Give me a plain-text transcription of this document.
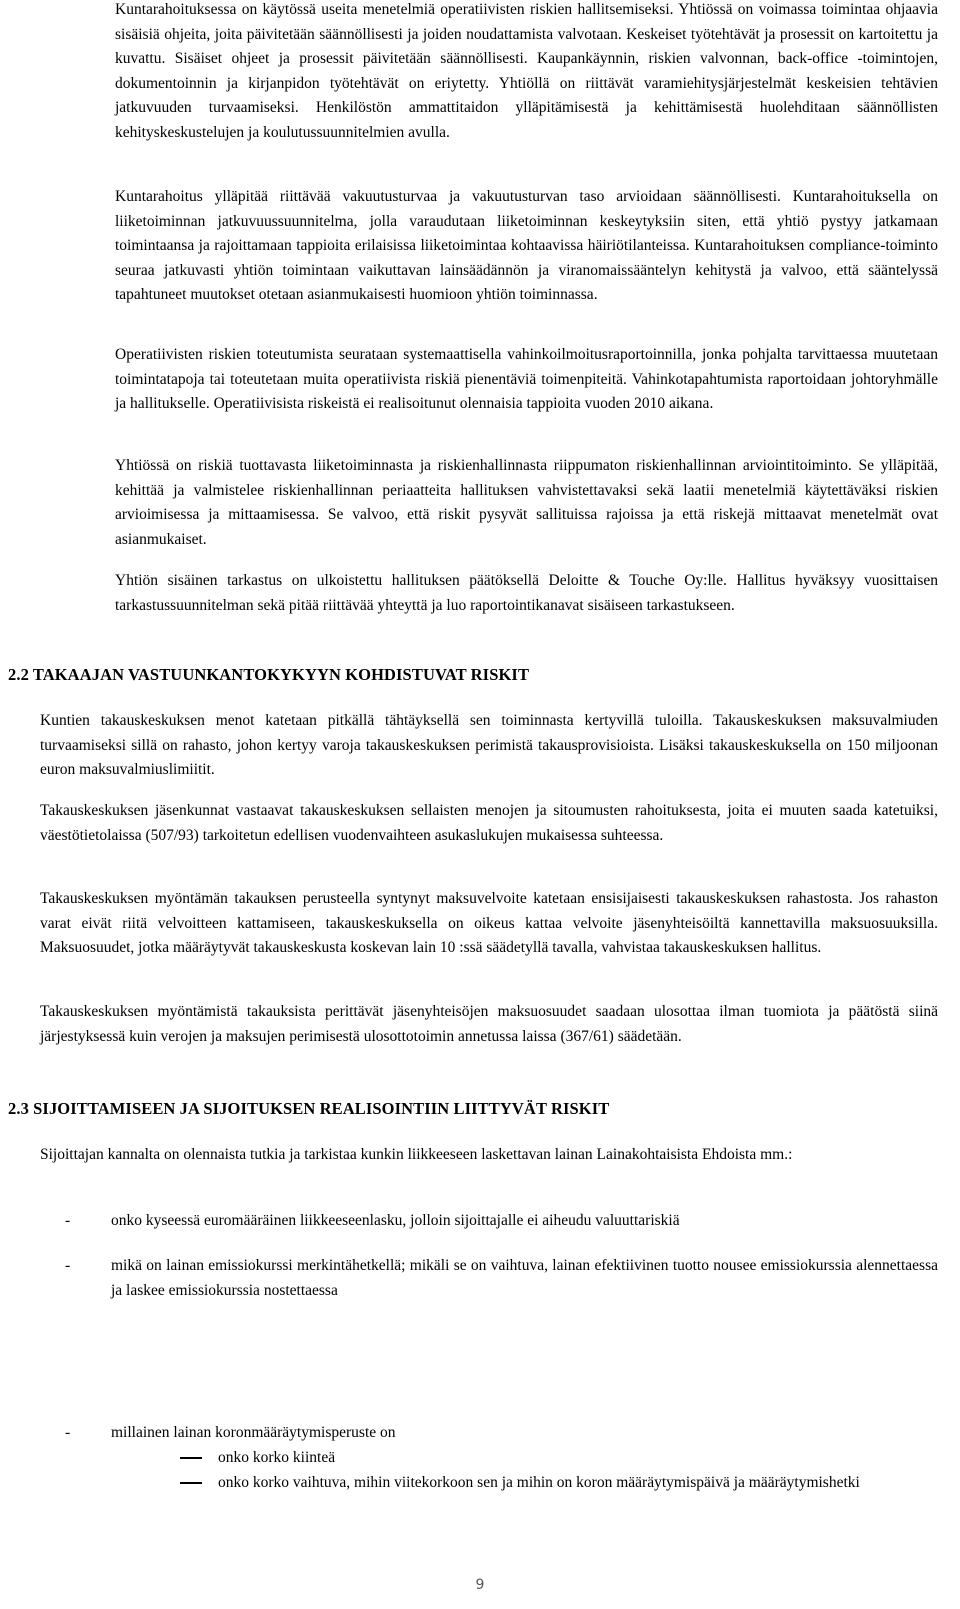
Kuntarahoituksessa on käytössä useita menetelmiä operatiivisten riskien hallitsemiseksi. Yhtiössä on voimassa toimintaa ohjaavia sisäisiä ohjeita, joita päivitetään säännöllisesti ja joiden noudattamista valvotaan. Keskeiset työtehtävät ja prosessit on kartoitettu ja kuvattu. Sisäiset ohjeet ja prosessit päivitetään säännöllisesti. Kaupankäynnin, riskien valvonnan, back-office -toimintojen, dokumentoinnin ja kirjanpidon työtehtävät on eriytetty. Yhtiöllä on riittävät varamiehitysjärjestelmät keskeisien tehtävien jatkuvuuden turvaamiseksi. Henkilöstön ammattitaidon ylläpitämisestä ja kehittämisestä huolehditaan säännöllisten kehityskeskustelujen ja koulutussuunnitelmien avulla.

Kuntarahoitus ylläpitää riittävää vakuutusturvaa ja vakuutusturvan taso arvioidaan säännöllisesti. Kuntarahoituksella on liiketoiminnan jatkuvuussuunnitelma, jolla varaudutaan liiketoiminnan keskeytyksiin siten, että yhtiö pystyy jatkamaan toimintaansa ja rajoittamaan tappioita erilaisissa liiketoimintaa kohtaavissa häiriötilanteissa. Kuntarahoituksen compliance-toiminto seuraa jatkuvasti yhtiön toimintaan vaikuttavan lainsäädännön ja viranomaissääntelyn kehitystä ja valvoo, että sääntelyssä tapahtuneet muutokset otetaan asianmukaisesti huomioon yhtiön toiminnassa.

Operatiivisten riskien toteutumista seurataan systemaattisella vahinkoilmoitusraportoinnilla, jonka pohjalta tarvittaessa muutetaan toimintatapoja tai toteutetaan muita operatiivista riskiä pienentäviä toimenpiteitä. Vahinkotapahtumista raportoidaan johtoryhmälle ja hallitukselle. Operatiivisista riskeistä ei realisoitunut olennaisia tappioita vuoden 2010 aikana.

Yhtiössä on riskiä tuottavasta liiketoiminnasta ja riskienhallinnasta riippumaton riskienhallinnan arviointitoiminto. Se ylläpitää, kehittää ja valmistelee riskienhallinnan periaatteita hallituksen vahvistettavaksi sekä laatii menetelmiä käytettäväksi riskien arvioimisessa ja mittaamisessa. Se valvoo, että riskit pysyvät sallituissa rajoissa ja että riskejä mittaavat menetelmät ovat asianmukaiset.

Yhtiön sisäinen tarkastus on ulkoistettu hallituksen päätöksellä Deloitte & Touche Oy:lle. Hallitus hyväksyy vuosittaisen tarkastussuunnitelman sekä pitää riittävää yhteyttä ja luo raportointikanavat sisäiseen tarkastukseen.

2.2 TAKAAJAN VASTUUNKANTOKYKYYN KOHDISTUVAT RISKIT

Kuntien takauskeskuksen menot katetaan pitkällä tähtäyksellä sen toiminnasta kertyvillä tuloilla. Takauskeskuksen maksuvalmiuden turvaamiseksi sillä on rahasto, johon kertyy varoja takauskeskuksen perimistä takausprovisioista. Lisäksi takauskeskuksella on 150 miljoonan euron maksuvalmiuslimiitit.

Takauskeskuksen jäsenkunnat vastaavat takauskeskuksen sellaisten menojen ja sitoumusten rahoituksesta, joita ei muuten saada katetuiksi, väestötietolaissa (507/93) tarkoitetun edellisen vuodenvaihteen asukaslukujen mukaisessa suhteessa.

Takauskeskuksen myöntämän takauksen perusteella syntynyt maksuvelvoite katetaan ensisijaisesti takauskeskuksen rahastosta. Jos rahaston varat eivät riitä velvoitteen kattamiseen, takauskeskuksella on oikeus kattaa velvoite jäsenyhteisöiltä kannettavilla maksuosuuksilla. Maksuosuudet, jotka määräytyvät takauskeskusta koskevan lain 10 :ssä säädetyllä tavalla, vahvistaa takauskeskuksen hallitus.

Takauskeskuksen myöntämistä takauksista perittävät jäsenyhteisöjen maksuosuudet saadaan ulosottaa ilman tuomiota ja päätöstä siinä järjestyksessä kuin verojen ja maksujen perimisestä ulosottotoimin annetussa laissa (367/61) säädetään.

2.3 SIJOITTAMISEEN JA SIJOITUKSEN REALISOINTIIN LIITTYVÄT RISKIT

Sijoittajan kannalta on olennaista tutkia ja tarkistaa kunkin liikkeeseen laskettavan lainan Lainakohtaisista Ehdoista mm.:

-	onko kyseessä euromääräinen liikkeeseenlasku, jolloin sijoittajalle ei aiheudu valuuttariskiä
-	mikä on lainan emissiokurssi merkintähetkellä; mikäli se on vaihtuva, lainan efektiivinen tuotto nousee emissiokurssia alennettaessa ja laskee emissiokurssia nostettaessa
-	millainen lainan koronmääräytymisperuste on
onko korko kiinteä
onko korko vaihtuva, mihin viitekorkoon sen ja mihin on koron määräytymispäivä ja määräytymishetki
9
